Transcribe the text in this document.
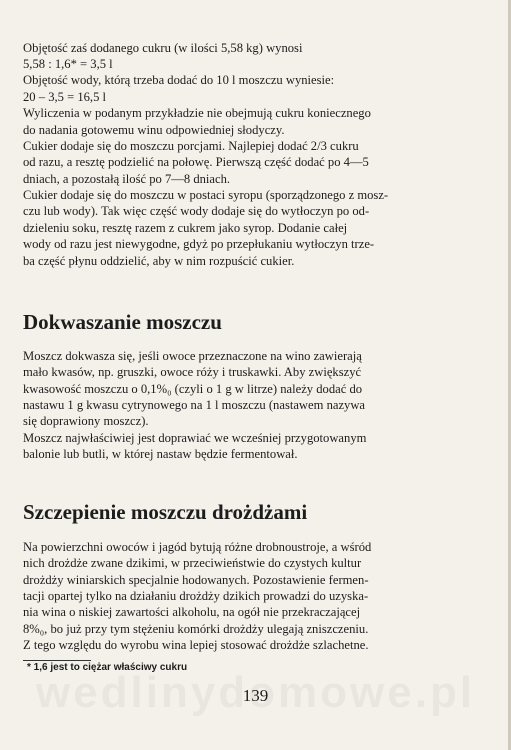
Objętość zaś dodanego cukru (w ilości 5,58 kg) wynosi
5,58 : 1,6* = 3,5 l
Objętość wody, którą trzeba dodać do 10 l moszczu wyniesie:
20 – 3,5 = 16,5 l
Wyliczenia w podanym przykładzie nie obejmują cukru koniecznego
do nadania gotowemu winu odpowiedniej słodyczy.
Cukier dodaje się do moszczu porcjami. Najlepiej dodać 2/3 cukru
od razu, a resztę podzielić na połowę. Pierwszą część dodać po 4—5
dniach, a pozostałą ilość po 7—8 dniach.
Cukier dodaje się do moszczu w postaci syropu (sporządzonego z mosz-
czu lub wody). Tak więc część wody dodaje się do wytłoczyn po od-
dzieleniu soku, resztę razem z cukrem jako syrop. Dodanie całej
wody od razu jest niewygodne, gdyż po przepłukaniu wytłoczyn trze-
ba część płynu oddzielić, aby w nim rozpuścić cukier.
Dokwaszanie moszczu
Moszcz dokwasza się, jeśli owoce przeznaczone na wino zawierają
mało kwasów, np. gruszki, owoce róży i truskawki. Aby zwiększyć
kwasowość moszczu o 0,1%₀ (czyli o 1 g w litrze) należy dodać do
nastawu 1 g kwasu cytrynowego na 1 l moszczu (nastawem nazywa
się doprawiony moszcz).
Moszcz najwłaściwiej jest doprawiać we wcześniej przygotowanym
balonie lub butli, w której nastaw będzie fermentował.
Szczepienie moszczu drożdżami
Na powierzchni owoców i jagód bytują różne drobnoustroje, a wśród
nich drożdże zwane dzikimi, w przeciwieństwie do czystych kultur
drożdży winiarskich specjalnie hodowanych. Pozostawienie fermen-
tacji opartej tylko na działaniu drożdży dzikich prowadzi do uzyska-
nia wina o niskiej zawartości alkoholu, na ogół nie przekraczającej
8%₀, bo już przy tym stężeniu komórki drożdży ulegają zniszczeniu.
Z tego względu do wyrobu wina lepiej stosować drożdże szlachetne.
* 1,6 jest to ciężar właściwy cukru
139
